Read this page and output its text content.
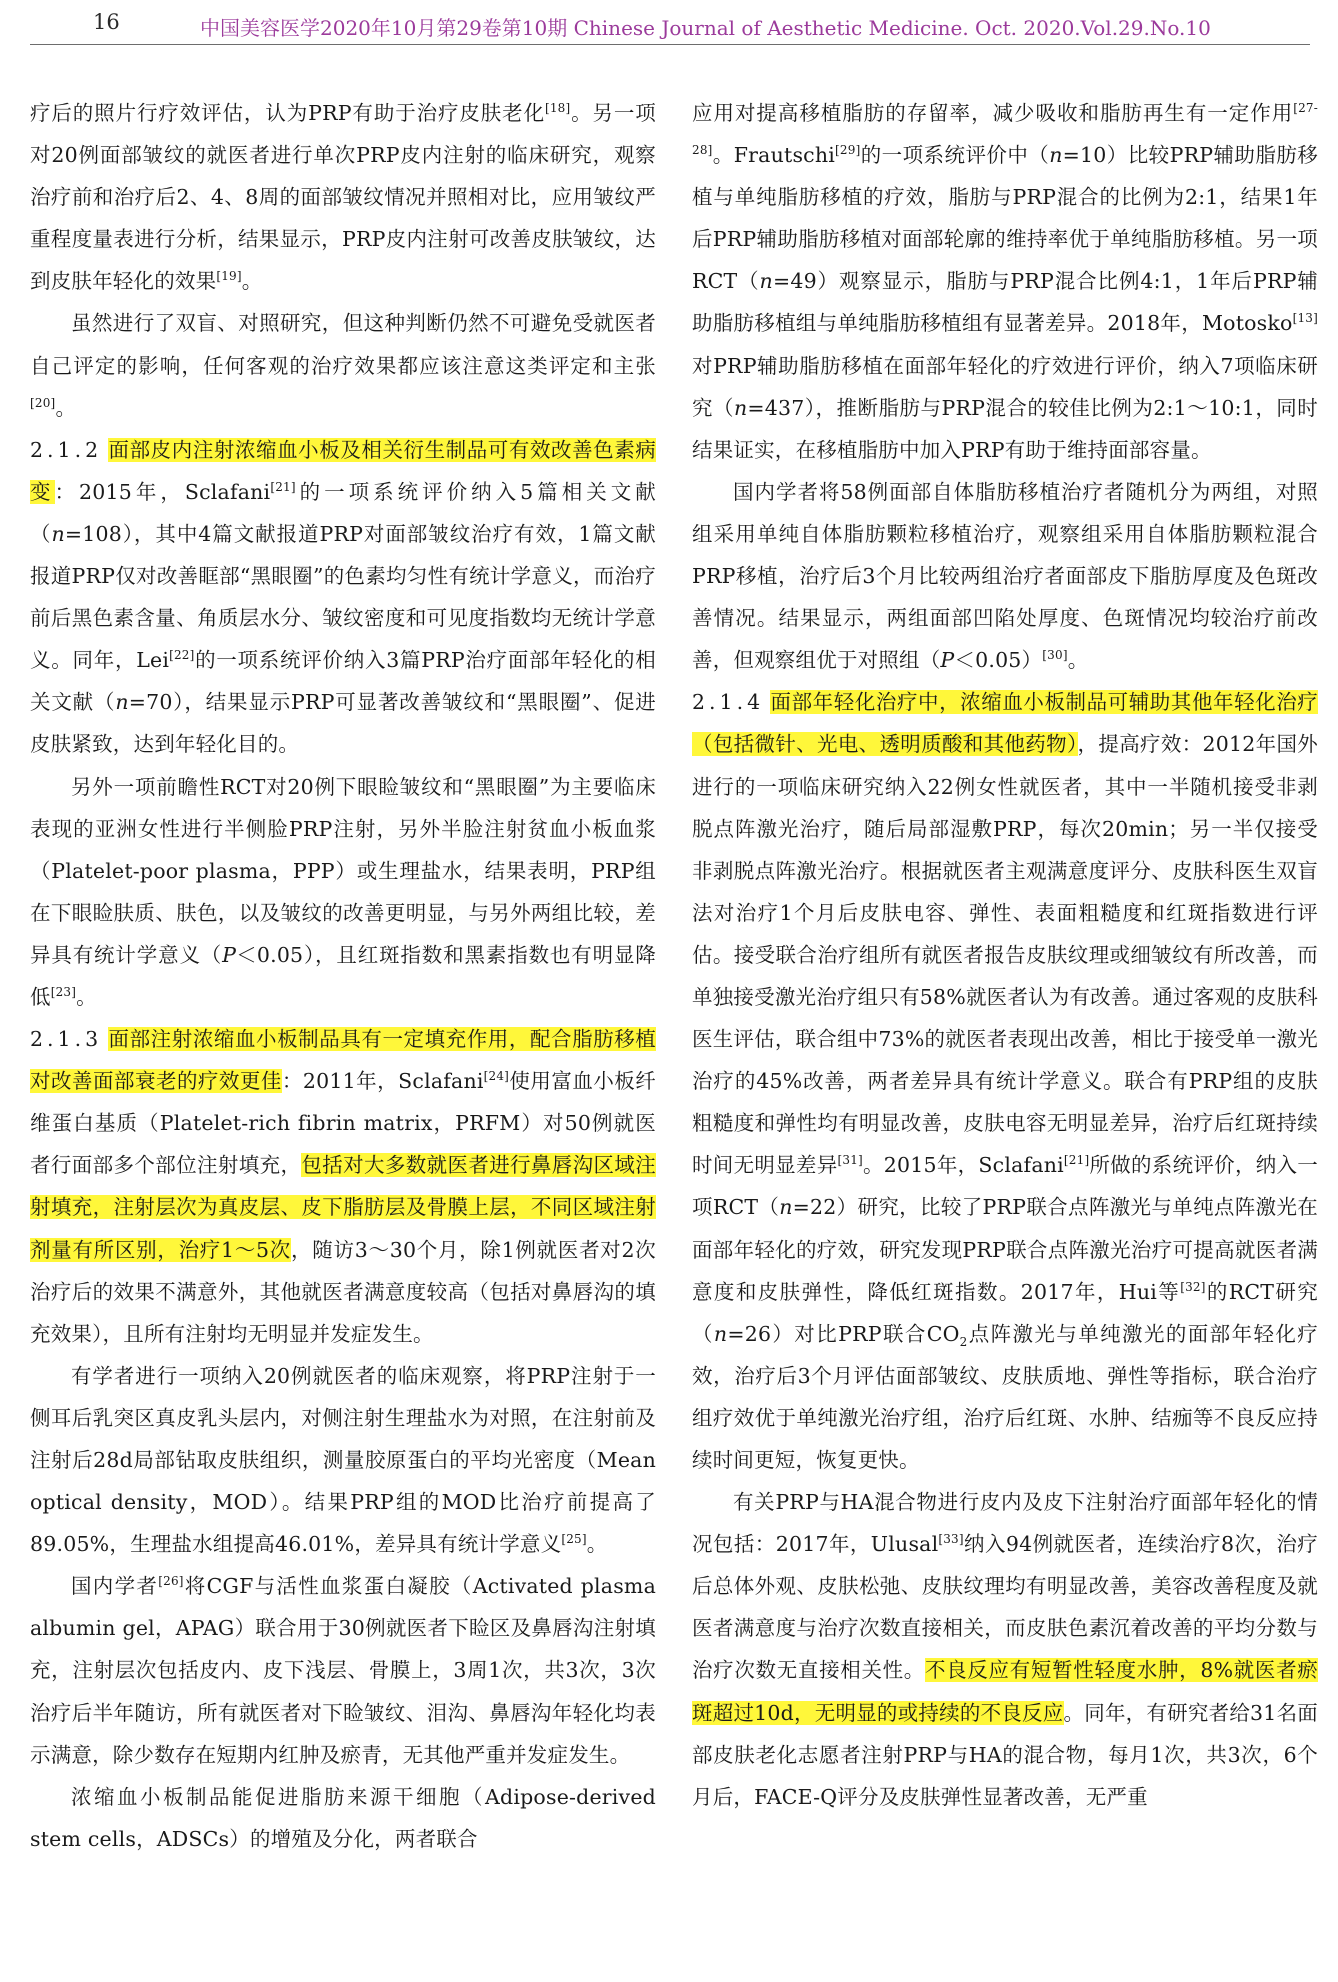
16	中国美容医学2020年10月第29卷第10期 Chinese Journal of Aesthetic Medicine. Oct. 2020.Vol.29.No.10

疗后的照片行疗效评估，认为PRP有助于治疗皮肤老化[18]。另一项对20例面部皱纹的就医者进行单次PRP皮内注射的临床研究，观察治疗前和治疗后2、4、8周的面部皱纹情况并照相对比，应用皱纹严重程度量表进行分析，结果显示，PRP皮内注射可改善皮肤皱纹，达到皮肤年轻化的效果[19]。

虽然进行了双盲、对照研究，但这种判断仍然不可避免受就医者自己评定的影响，任何客观的治疗效果都应该注意这类评定和主张[20]。

2.1.2 面部皮内注射浓缩血小板及相关衍生制品可有效改善色素病变：2015年，Sclafani[21]的一项系统评价纳入5篇相关文献（n=108），其中4篇文献报道PRP对面部皱纹治疗有效，1篇文献报道PRP仅对改善眶部“黑眼圈”的色素均匀性有统计学意义，而治疗前后黑色素含量、角质层水分、皱纹密度和可见度指数均无统计学意义。同年，Lei[22]的一项系统评价纳入3篇PRP治疗面部年轻化的相关文献（n=70），结果显示PRP可显著改善皱纹和“黑眼圈”、促进皮肤紧致，达到年轻化目的。

另外一项前瞻性RCT对20例下眼睑皱纹和“黑眼圈”为主要临床表现的亚洲女性进行半侧脸PRP注射，另外半脸注射贫血小板血浆（Platelet-poor plasma，PPP）或生理盐水，结果表明，PRP组在下眼睑肤质、肤色，以及皱纹的改善更明显，与另外两组比较，差异具有统计学意义（P＜0.05），且红斑指数和黑素指数也有明显降低[23]。

2.1.3 面部注射浓缩血小板制品具有一定填充作用，配合脂肪移植对改善面部衰老的疗效更佳：2011年，Sclafani[24]使用富血小板纤维蛋白基质（Platelet-rich fibrin matrix，PRFM）对50例就医者行面部多个部位注射填充，包括对大多数就医者进行鼻唇沟区域注射填充，注射层次为真皮层、皮下脂肪层及骨膜上层，不同区域注射剂量有所区别，治疗1～5次，随访3～30个月，除1例就医者对2次治疗后的效果不满意外，其他就医者满意度较高（包括对鼻唇沟的填充效果），且所有注射均无明显并发症发生。

有学者进行一项纳入20例就医者的临床观察，将PRP注射于一侧耳后乳突区真皮乳头层内，对侧注射生理盐水为对照，在注射前及注射后28d局部钻取皮肤组织，测量胶原蛋白的平均光密度（Mean optical density，MOD）。结果PRP组的MOD比治疗前提高了89.05%，生理盐水组提高46.01%，差异具有统计学意义[25]。

国内学者[26]将CGF与活性血浆蛋白凝胶（Activated plasma albumin gel，APAG）联合用于30例就医者下睑区及鼻唇沟注射填充，注射层次包括皮内、皮下浅层、骨膜上，3周1次，共3次，3次治疗后半年随访，所有就医者对下睑皱纹、泪沟、鼻唇沟年轻化均表示满意，除少数存在短期内红肿及瘀青，无其他严重并发症发生。

浓缩血小板制品能促进脂肪来源干细胞（Adipose-derived stem cells，ADSCs）的增殖及分化，两者联合

应用对提高移植脂肪的存留率，减少吸收和脂肪再生有一定作用[27-28]。Frautschi[29]的一项系统评价中（n=10）比较PRP辅助脂肪移植与单纯脂肪移植的疗效，脂肪与PRP混合的比例为2:1，结果1年后PRP辅助脂肪移植对面部轮廓的维持率优于单纯脂肪移植。另一项RCT（n=49）观察显示，脂肪与PRP混合比例4:1，1年后PRP辅助脂肪移植组与单纯脂肪移植组有显著差异。2018年，Motosko[13]对PRP辅助脂肪移植在面部年轻化的疗效进行评价，纳入7项临床研究（n=437），推断脂肪与PRP混合的较佳比例为2:1～10:1，同时结果证实，在移植脂肪中加入PRP有助于维持面部容量。

国内学者将58例面部自体脂肪移植治疗者随机分为两组，对照组采用单纯自体脂肪颗粒移植治疗，观察组采用自体脂肪颗粒混合PRP移植，治疗后3个月比较两组治疗者面部皮下脂肪厚度及色斑改善情况。结果显示，两组面部凹陷处厚度、色斑情况均较治疗前改善，但观察组优于对照组（P＜0.05）[30]。

2.1.4 面部年轻化治疗中，浓缩血小板制品可辅助其他年轻化治疗（包括微针、光电、透明质酸和其他药物），提高疗效：2012年国外进行的一项临床研究纳入22例女性就医者，其中一半随机接受非剥脱点阵激光治疗，随后局部湿敷PRP，每次20min；另一半仅接受非剥脱点阵激光治疗。根据就医者主观满意度评分、皮肤科医生双盲法对治疗1个月后皮肤电容、弹性、表面粗糙度和红斑指数进行评估。接受联合治疗组所有就医者报告皮肤纹理或细皱纹有所改善，而单独接受激光治疗组只有58%就医者认为有改善。通过客观的皮肤科医生评估，联合组中73%的就医者表现出改善，相比于接受单一激光治疗的45%改善，两者差异具有统计学意义。联合有PRP组的皮肤粗糙度和弹性均有明显改善，皮肤电容无明显差异，治疗后红斑持续时间无明显差异[31]。2015年，Sclafani[21]所做的系统评价，纳入一项RCT（n=22）研究，比较了PRP联合点阵激光与单纯点阵激光在面部年轻化的疗效，研究发现PRP联合点阵激光治疗可提高就医者满意度和皮肤弹性，降低红斑指数。2017年，Hui等[32]的RCT研究（n=26）对比PRP联合$CO_2$点阵激光与单纯激光的面部年轻化疗效，治疗后3个月评估面部皱纹、皮肤质地、弹性等指标，联合治疗组疗效优于单纯激光治疗组，治疗后红斑、水肿、结痂等不良反应持续时间更短，恢复更快。

有关PRP与HA混合物进行皮内及皮下注射治疗面部年轻化的情况包括：2017年，Ulusal[33]纳入94例就医者，连续治疗8次，治疗后总体外观、皮肤松弛、皮肤纹理均有明显改善，美容改善程度及就医者满意度与治疗次数直接相关，而皮肤色素沉着改善的平均分数与治疗次数无直接相关性。不良反应有短暂性轻度水肿，8%就医者瘀斑超过10d，无明显的或持续的不良反应。同年，有研究者给31名面部皮肤老化志愿者注射PRP与HA的混合物，每月1次，共3次，6个月后，FACE-Q评分及皮肤弹性显著改善，无严重
